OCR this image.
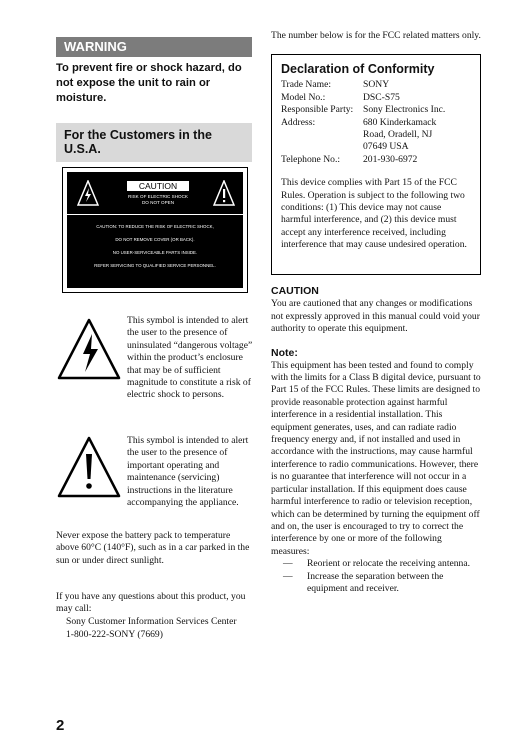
WARNING
To prevent fire or shock hazard, do not expose the unit to rain or moisture.
For the Customers in the U.S.A.
CAUTION
RISK OF ELECTRIC SHOCK
DO NOT OPEN
CAUTION: TO REDUCE THE RISK OF ELECTRIC SHOCK,
DO NOT REMOVE COVER (OR BACK).
NO USER-SERVICEABLE PARTS INSIDE.
REFER SERVICING TO QUALIFIED SERVICE PERSONNEL.
This symbol is intended to alert the user to the presence of uninsulated “dangerous voltage” within the product’s enclosure that may be of sufficient magnitude to constitute a risk of electric shock to persons.
This symbol is intended to alert the user to the presence of important operating and maintenance (servicing) instructions in the literature accompanying the appliance.
Never expose the battery pack to temperature above 60°C (140°F), such as in a car parked in the sun or under direct sunlight.
If you have any questions about this product, you may call:
Sony Customer Information Services Center
1-800-222-SONY (7669)
The number below is for the FCC related matters only.
Declaration of Conformity
Trade Name:	SONY
Model No.:	DSC-S75
Responsible Party:	Sony Electronics Inc.
Address:	680 Kinderkamack
Road, Oradell, NJ
07649 USA
Telephone No.:	201-930-6972
This device complies with Part 15 of the FCC Rules. Operation is subject to the following two conditions: (1) This device may not cause harmful interference, and (2) this device must accept any interference received, including interference that may cause undesired operation.
CAUTION
You are cautioned that any changes or modifications not expressly approved in this manual could void your authority to operate this equipment.
Note:
This equipment has been tested and found to comply with the limits for a Class B digital device, pursuant to Part 15 of the FCC Rules. These limits are designed to provide reasonable protection against harmful interference in a residential installation. This equipment generates, uses, and can radiate radio frequency energy and, if not installed and used in accordance with the instructions, may cause harmful interference to radio communications. However, there is no guarantee that interference will not occur in a particular installation. If this equipment does cause harmful interference to radio or television reception, which can be determined by turning the equipment off and on, the user is encouraged to try to correct the interference by one or more of the following measures:
—	Reorient or relocate the receiving antenna.
—	Increase the separation between the equipment and receiver.
2
